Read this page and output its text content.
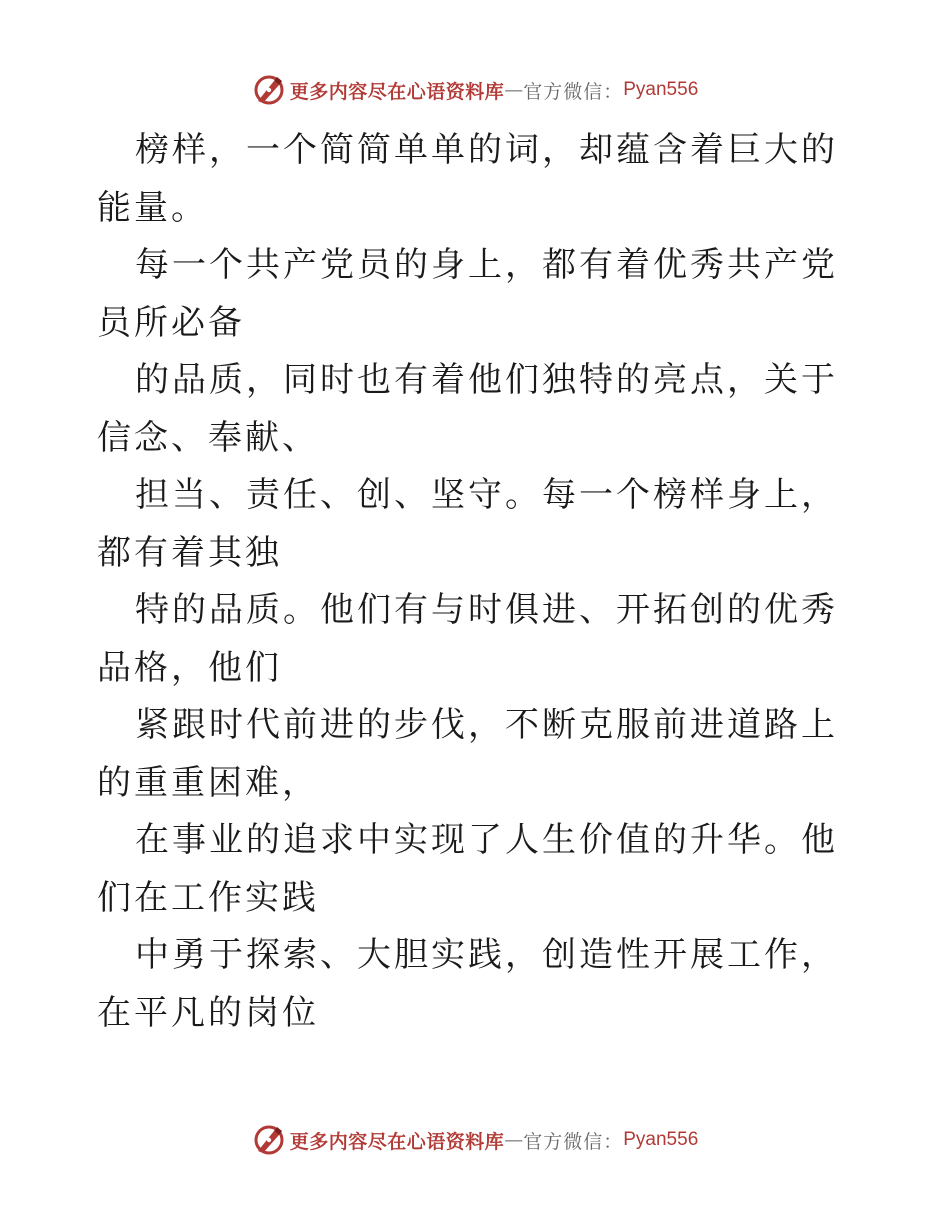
更多内容尽在心语资料库 — 官方微信： Pyan556

榜样，一个简简单单的词，却蕴含着巨大的能量。

每一个共产党员的身上，都有着优秀共产党员所必备

的品质，同时也有着他们独特的亮点，关于信念、奉献、

担当、责任、创、坚守。每一个榜样身上，都有着其独

特的品质。他们有与时俱进、开拓创的优秀品格，他们

紧跟时代前进的步伐，不断克服前进道路上的重重困难，

在事业的追求中实现了人生价值的升华。他们在工作实践

中勇于探索、大胆实践，创造性开展工作，在平凡的岗位

更多内容尽在心语资料库 — 官方微信： Pyan556
